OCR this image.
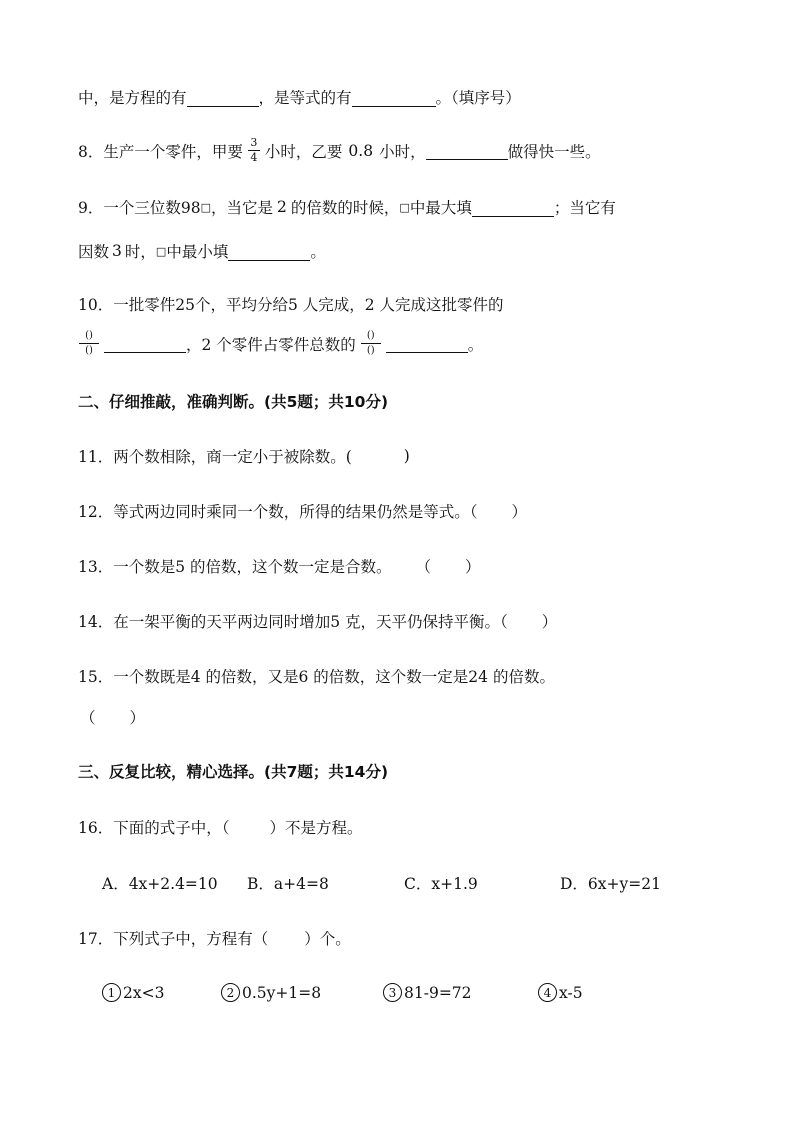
中，是方程的有	，是等式的有	。（填序号）
8． 生产一个零件，甲要 $\frac{3}{4}$ 小时，乙要 0.8 小时，	做得快一些。
9． 一个三位数98 □ ，当它是 2 的倍数的时候， □ 中最大填	；当它有
因数 3 时， □ 中最小填	。
10． 一批零件25个，平均分给5 人完成，2 人完成这批零件的
$\frac{()}{()}$	，2 个零件占零件总数的 $\frac{()}{()}$	。
二、仔细推敲，准确判断。(共5题；共10分)
11．两个数相除，商一定小于被除数。(	)
12．等式两边同时乘同一个数，所得的结果仍然是等式。（ ）
13．一个数是5 的倍数，这个数一定是合数。 （ ）
14．在一架平衡的天平两边同时增加5 克，天平仍保持平衡。（ ）
15．一个数既是4 的倍数，又是6 的倍数，这个数一定是24 的倍数。
（ ）
三、反复比较，精心选择。(共7题；共14分)
16．下面的式子中，（	）不是方程。
A．4x+2.4=10 B．a+4=8	C．x+1.9	D．6x+y=21
17．下列式子中，方程有（ ）个。
1 2x<3	2 0.5y+1=8	3 81-9=72	4 x-5
